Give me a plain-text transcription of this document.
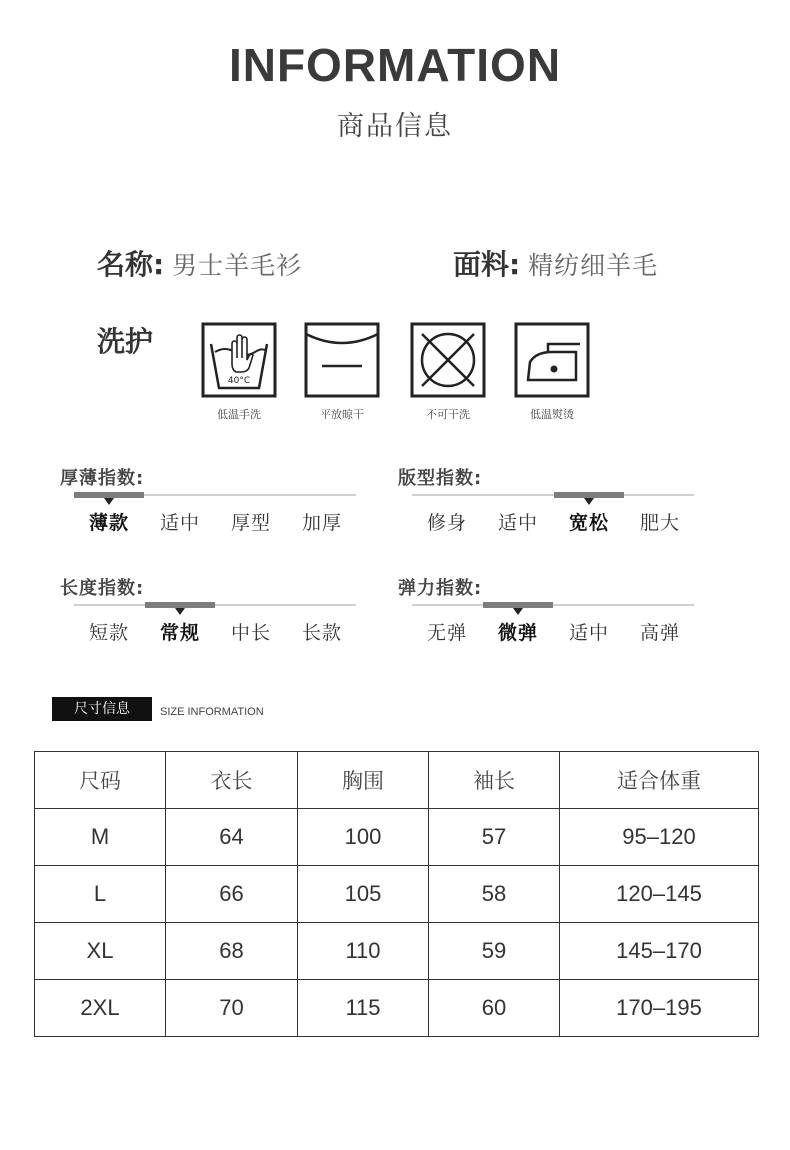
INFORMATION
商品信息
名称: 男士羊毛衫	面料: 精纺细羊毛
洗护
40°C
低温手洗	平放晾干	不可干洗	低温熨烫
厚薄指数:
薄款	适中	厚型	加厚
版型指数:
修身	适中	宽松	肥大
长度指数:
短款	常规	中长	长款
弹力指数:
无弹	微弹	适中	高弹
尺寸信息	SIZE INFORMATION
尺码	衣长	胸围	袖长	适合体重
M	64	100	57	95–120
L	66	105	58	120–145
XL	68	110	59	145–170
2XL	70	115	60	170–195
